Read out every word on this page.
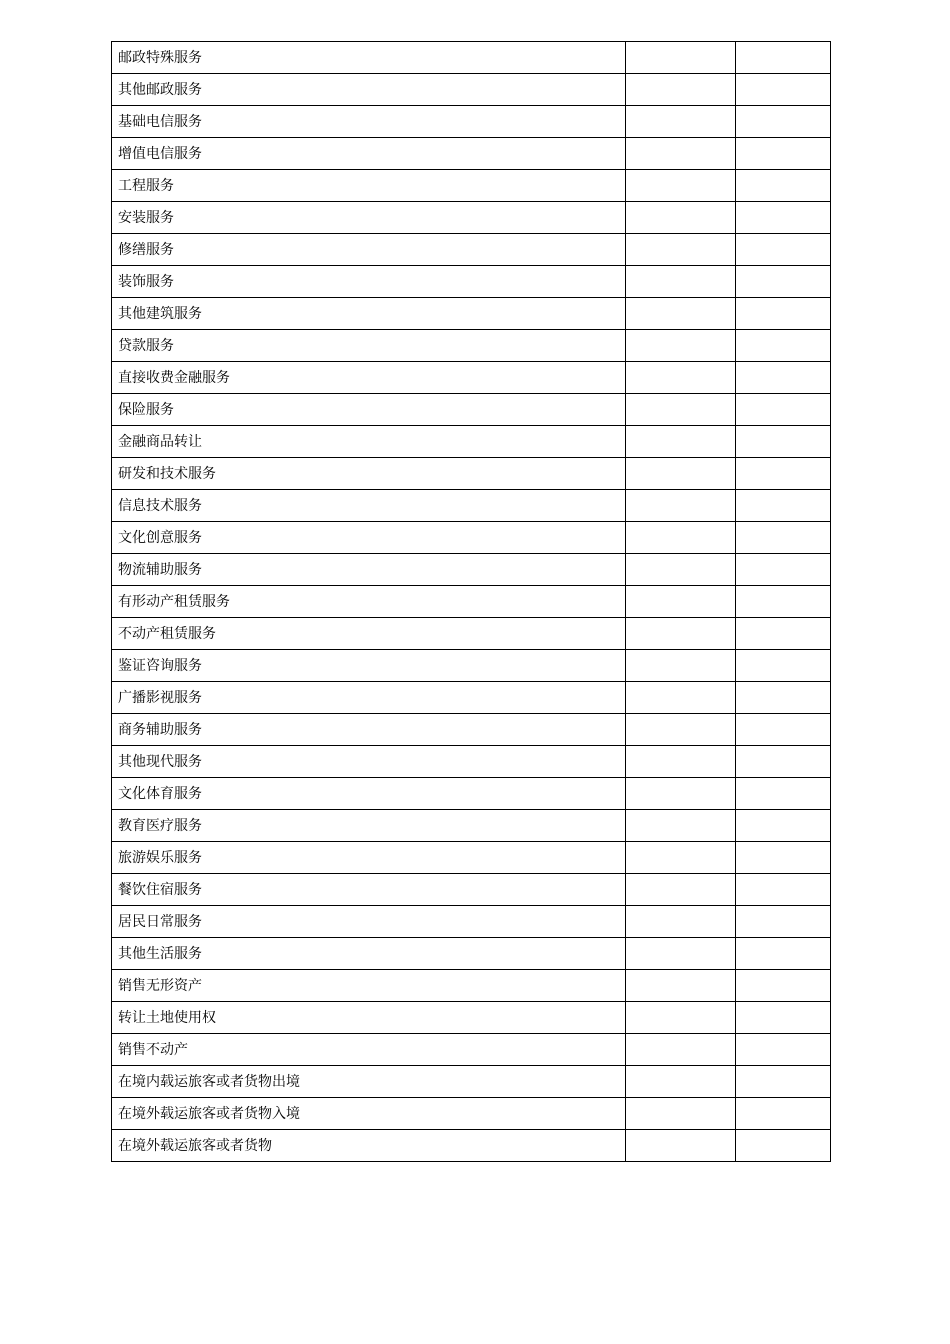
邮政特殊服务		
其他邮政服务		
基础电信服务		
增值电信服务		
工程服务		
安装服务		
修缮服务		
装饰服务		
其他建筑服务		
贷款服务		
直接收费金融服务		
保险服务		
金融商品转让		
研发和技术服务		
信息技术服务		
文化创意服务		
物流辅助服务		
有形动产租赁服务		
不动产租赁服务		
鉴证咨询服务		
广播影视服务		
商务辅助服务		
其他现代服务		
文化体育服务		
教育医疗服务		
旅游娱乐服务		
餐饮住宿服务		
居民日常服务		
其他生活服务		
销售无形资产		
转让土地使用权		
销售不动产		
在境内载运旅客或者货物出境		
在境外载运旅客或者货物入境		
在境外载运旅客或者货物		
